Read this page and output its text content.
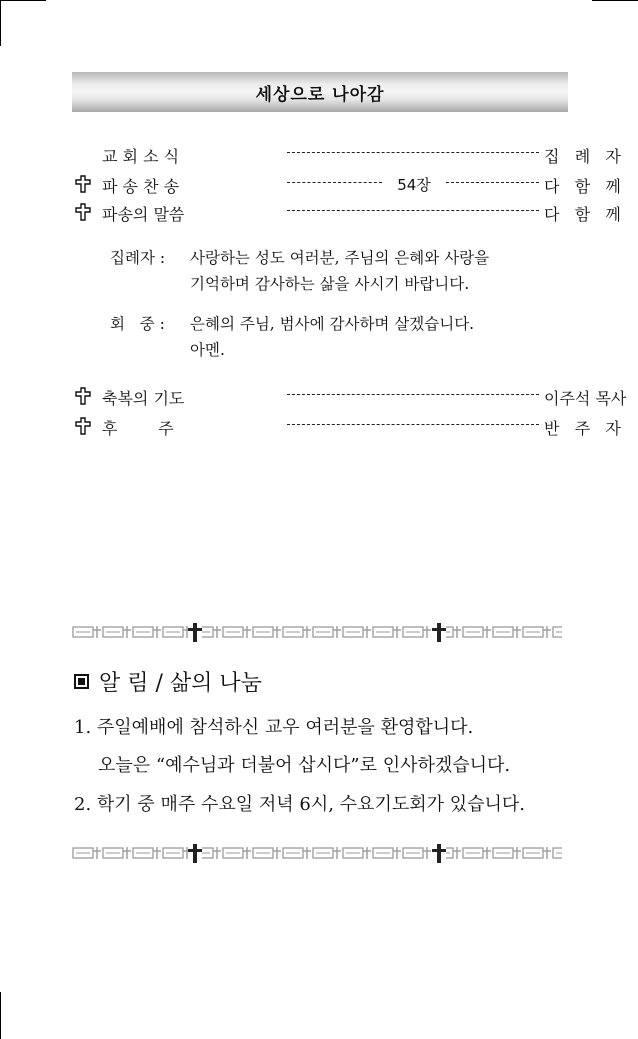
세상으로 나아감
교 회 소 식	집   례   자
파 송 찬 송	54장	다   함   께
파송의 말씀	다   함   께
집례자 :	사랑하는 성도 여러분, 주님의 은혜와 사랑을
기억하며 감사하는 삶을 사시기 바랍니다.
회   중 :	은혜의 주님, 범사에 감사하며 살겠습니다.
아멘.
축복의 기도	이주석 목사
후        주	반   주   자
알 림 / 삶의 나눔
1. 주일예배에 참석하신 교우 여러분을 환영합니다.
오늘은 “예수님과 더불어 삽시다”로 인사하겠습니다.
2. 학기 중 매주 수요일 저녁 6시, 수요기도회가 있습니다.
